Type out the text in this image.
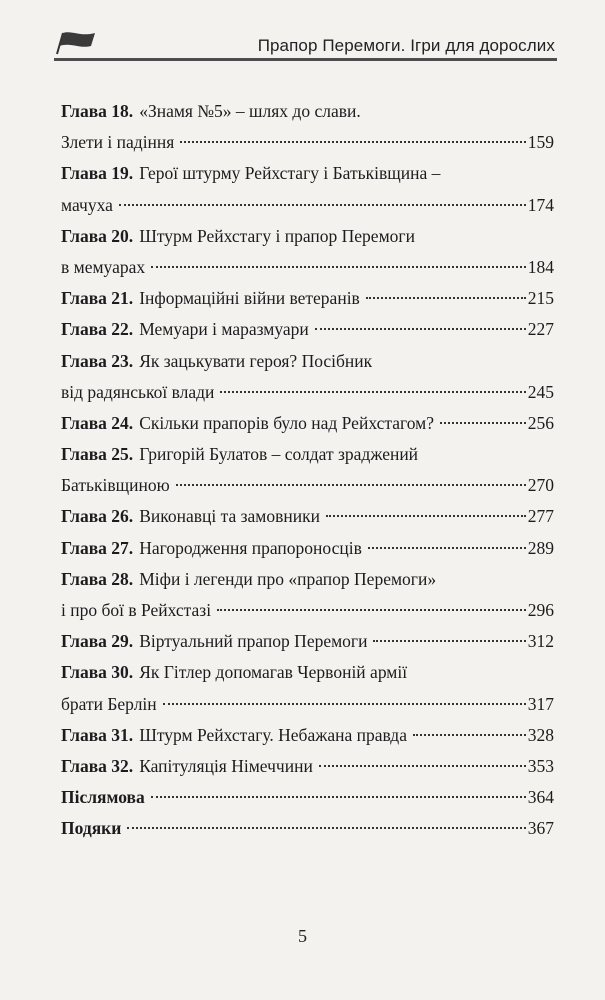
Прапор Перемоги. Ігри для дорослих
Глава 18. «Знамя №5» – шлях до слави.
Злети і падіння	159
Глава 19. Герої штурму Рейхстагу і Батьківщина –
мачуха	174
Глава 20. Штурм Рейхстагу і прапор Перемоги
в мемуарах	184
Глава 21. Інформаційні війни ветеранів	215
Глава 22. Мемуари і маразмуари	227
Глава 23. Як зацькувати героя? Посібник
від радянської влади	245
Глава 24. Скільки прапорів було над Рейхстагом?	256
Глава 25. Григорій Булатов – солдат зраджений
Батьківщиною	270
Глава 26. Виконавці та замовники	277
Глава 27. Нагородження прапороносців	289
Глава 28. Міфи і легенди про «прапор Перемоги»
і про бої в Рейхстазі	296
Глава 29. Віртуальний прапор Перемоги	312
Глава 30. Як Гітлер допомагав Червоній армії
брати Берлін	317
Глава 31. Штурм Рейхстагу. Небажана правда	328
Глава 32. Капітуляція Німеччини	353
Післямова	364
Подяки	367
5
